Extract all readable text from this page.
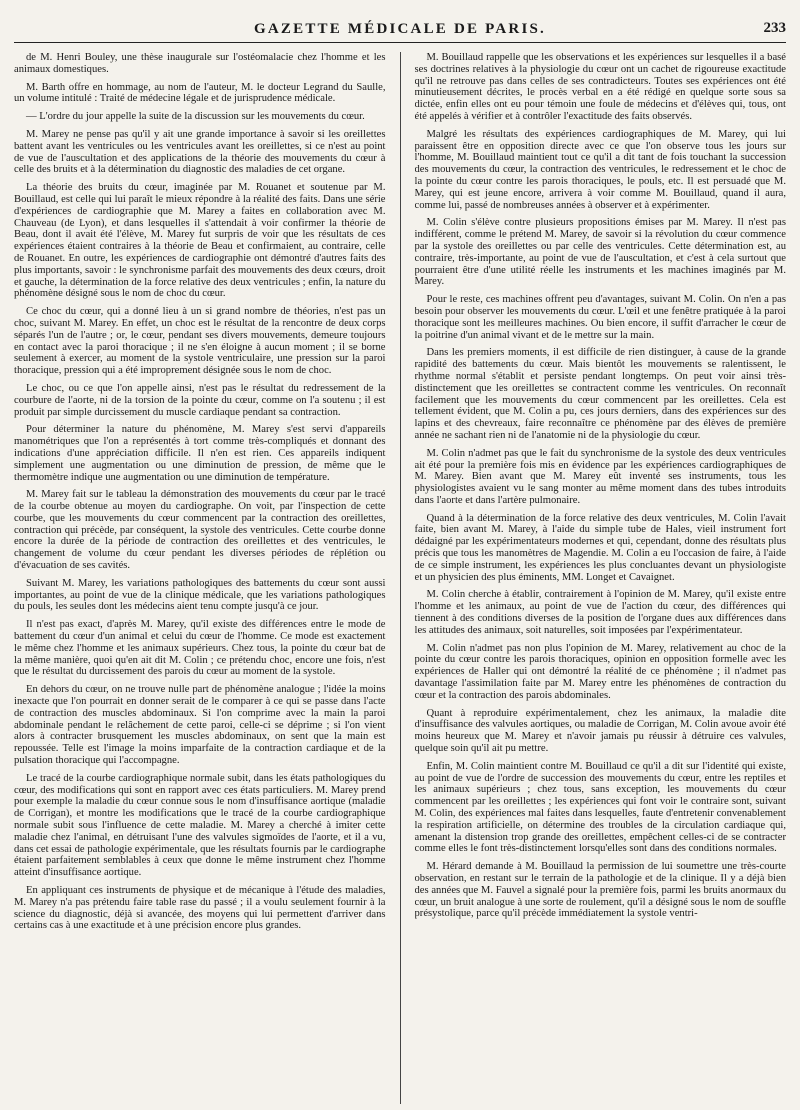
GAZETTE MÉDICALE DE PARIS.	233

de M. Henri Bouley, une thèse inaugurale sur l'ostéomalacie chez l'homme et les animaux domestiques.

M. Barth offre en hommage, au nom de l'auteur, M. le docteur Legrand du Saulle, un volume intitulé : Traité de médecine légale et de jurisprudence médicale.

— L'ordre du jour appelle la suite de la discussion sur les mouvements du cœur.

M. Marey ne pense pas qu'il y ait une grande importance à savoir si les oreillettes battent avant les ventricules ou les ventricules avant les oreillettes, si ce n'est au point de vue de l'auscultation et des applications de la théorie des mouvements du cœur à celle des bruits et à la détermination du diagnostic des maladies de cet organe.

La théorie des bruits du cœur, imaginée par M. Rouanet et soutenue par M. Bouillaud, est celle qui lui paraît le mieux répondre à la réalité des faits. Dans une série d'expériences de cardiographie que M. Marey a faites en collaboration avec M. Chauveau (de Lyon), et dans lesquelles il s'attendait à voir confirmer la théorie de Beau, dont il avait été l'élève, M. Marey fut surpris de voir que les résultats de ces expériences étaient contraires à la théorie de Beau et confirmaient, au contraire, celle de Rouanet. En outre, les expériences de cardiographie ont démontré d'autres faits des plus importants, savoir : le synchronisme parfait des mouvements des deux cœurs, droit et gauche, la détermination de la force relative des deux ventricules ; enfin, la nature du phénomène désigné sous le nom de choc du cœur.

Ce choc du cœur, qui a donné lieu à un si grand nombre de théories, n'est pas un choc, suivant M. Marey. En effet, un choc est le résultat de la rencontre de deux corps séparés l'un de l'autre ; or, le cœur, pendant ses divers mouvements, demeure toujours en contact avec la paroi thoracique ; il ne s'en éloigne à aucun moment ; il se borne seulement à exercer, au moment de la systole ventriculaire, une pression sur la paroi thoracique, pression qui a été improprement désignée sous le nom de choc.

Le choc, ou ce que l'on appelle ainsi, n'est pas le résultat du redressement de la courbure de l'aorte, ni de la torsion de la pointe du cœur, comme on l'a soutenu ; il est produit par simple durcissement du muscle cardiaque pendant sa contraction.

Pour déterminer la nature du phénomène, M. Marey s'est servi d'appareils manométriques que l'on a représentés à tort comme très-compliqués et donnant des indications d'une appréciation difficile. Il n'en est rien. Ces appareils indiquent simplement une augmentation ou une diminution de pression, de même que le thermomètre indique une augmentation ou une diminution de température.

M. Marey fait sur le tableau la démonstration des mouvements du cœur par le tracé de la courbe obtenue au moyen du cardiographe. On voit, par l'inspection de cette courbe, que les mouvements du cœur commencent par la contraction des oreillettes, contraction qui précède, par conséquent, la systole des ventricules. Cette courbe donne encore la durée de la période de contraction des oreillettes et des ventricules, le changement de volume du cœur pendant les diverses périodes de réplétion ou d'évacuation de ses cavités.

Suivant M. Marey, les variations pathologiques des battements du cœur sont aussi importantes, au point de vue de la clinique médicale, que les variations pathologiques du pouls, les seules dont les médecins aient tenu compte jusqu'à ce jour.

Il n'est pas exact, d'après M. Marey, qu'il existe des différences entre le mode de battement du cœur d'un animal et celui du cœur de l'homme. Ce mode est exactement le même chez l'homme et les animaux supérieurs. Chez tous, la pointe du cœur bat de la même manière, quoi qu'en ait dit M. Colin ; ce prétendu choc, encore une fois, n'est que le résultat du durcissement des parois du cœur au moment de la systole.

En dehors du cœur, on ne trouve nulle part de phénomène analogue ; l'idée la moins inexacte que l'on pourrait en donner serait de le comparer à ce qui se passe dans l'acte de contraction des muscles abdominaux. Si l'on comprime avec la main la paroi abdominale pendant le relâchement de cette paroi, celle-ci se déprime ; si l'on vient alors à contracter brusquement les muscles abdominaux, on sent que la main est repoussée. Telle est l'image la moins imparfaite de la contraction cardiaque et de la pulsation thoracique qui l'accompagne.

Le tracé de la courbe cardiographique normale subit, dans les états pathologiques du cœur, des modifications qui sont en rapport avec ces états particuliers. M. Marey prend pour exemple la maladie du cœur connue sous le nom d'insuffisance aortique (maladie de Corrigan), et montre les modifications que le tracé de la courbe cardiographique normale subit sous l'influence de cette maladie. M. Marey a cherché à imiter cette maladie chez l'animal, en détruisant l'une des valvules sigmoïdes de l'aorte, et il a vu, dans cet essai de pathologie expérimentale, que les résultats fournis par le cardiographe étaient parfaitement semblables à ceux que donne le même instrument chez l'homme atteint d'insuffisance aortique.

En appliquant ces instruments de physique et de mécanique à l'étude des maladies, M. Marey n'a pas prétendu faire table rase du passé ; il a voulu seulement fournir à la science du diagnostic, déjà si avancée, des moyens qui lui permettent d'arriver dans certains cas à une exactitude et à une précision encore plus grandes.

M. Bouillaud rappelle que les observations et les expériences sur lesquelles il a basé ses doctrines relatives à la physiologie du cœur ont un cachet de rigoureuse exactitude qu'il ne retrouve pas dans celles de ses contradicteurs. Toutes ses expériences ont été minutieusement décrites, le procès verbal en a été rédigé en quelque sorte sous sa dictée, enfin elles ont eu pour témoin une foule de médecins et d'élèves qui, tous, ont été appelés à vérifier et à contrôler l'exactitude des faits observés.

Malgré les résultats des expériences cardiographiques de M. Marey, qui lui paraissent être en opposition directe avec ce que l'on observe tous les jours sur l'homme, M. Bouillaud maintient tout ce qu'il a dit tant de fois touchant la succession des mouvements du cœur, la contraction des ventricules, le redressement et le choc de la pointe du cœur contre les parois thoraciques, le pouls, etc. Il est persuadé que M. Marey, qui est jeune encore, arrivera à voir comme M. Bouillaud, quand il aura, comme lui, passé de nombreuses années à observer et à expérimenter.

M. Colin s'élève contre plusieurs propositions émises par M. Marey. Il n'est pas indifférent, comme le prétend M. Marey, de savoir si la révolution du cœur commence par la systole des oreillettes ou par celle des ventricules. Cette détermination est, au contraire, très-importante, au point de vue de l'auscultation, et c'est à cela surtout que pourraient être d'une utilité réelle les instruments et les machines imaginés par M. Marey.

Pour le reste, ces machines offrent peu d'avantages, suivant M. Colin. On n'en a pas besoin pour observer les mouvements du cœur. L'œil et une fenêtre pratiquée à la paroi thoracique sont les meilleures machines. Ou bien encore, il suffit d'arracher le cœur de la poitrine d'un animal vivant et de le mettre sur la main.

Dans les premiers moments, il est difficile de rien distinguer, à cause de la grande rapidité des battements du cœur. Mais bientôt les mouvements se ralentissent, le rhythme normal s'établit et persiste pendant longtemps. On peut voir ainsi très-distinctement que les oreillettes se contractent comme les ventricules. On reconnaît facilement que les mouvements du cœur commencent par les oreillettes. Cela est tellement évident, que M. Colin a pu, ces jours derniers, dans des expériences sur des lapins et des chevreaux, faire reconnaître ce phénomène par des élèves de première année ne sachant rien ni de l'anatomie ni de la physiologie du cœur.

M. Colin n'admet pas que le fait du synchronisme de la systole des deux ventricules ait été pour la première fois mis en évidence par les expériences cardiographiques de M. Marey. Bien avant que M. Marey eût inventé ses instruments, tous les physiologistes avaient vu le sang monter au même moment dans des tubes introduits dans l'aorte et dans l'artère pulmonaire.

Quand à la détermination de la force relative des deux ventricules, M. Colin l'avait faite, bien avant M. Marey, à l'aide du simple tube de Hales, vieil instrument fort dédaigné par les expérimentateurs modernes et qui, cependant, donne des résultats plus précis que tous les manomètres de Magendie. M. Colin a eu l'occasion de faire, à l'aide de ce simple instrument, les expériences les plus concluantes devant un physiologiste et un physicien des plus éminents, MM. Longet et Cavaignet.

M. Colin cherche à établir, contrairement à l'opinion de M. Marey, qu'il existe entre l'homme et les animaux, au point de vue de l'action du cœur, des différences qui tiennent à des conditions diverses de la position de l'organe dues aux différences dans les attitudes des animaux, soit naturelles, soit imposées par l'expérimentateur.

M. Colin n'admet pas non plus l'opinion de M. Marey, relativement au choc de la pointe du cœur contre les parois thoraciques, opinion en opposition formelle avec les expériences de Haller qui ont démontré la réalité de ce phénomène ; il n'admet pas davantage l'assimilation faite par M. Marey entre les phénomènes de contraction du cœur et la contraction des parois abdominales.

Quant à reproduire expérimentalement, chez les animaux, la maladie dite d'insuffisance des valvules aortiques, ou maladie de Corrigan, M. Colin avoue avoir été moins heureux que M. Marey et n'avoir jamais pu réussir à détruire ces valvules, quelque soin qu'il ait pu mettre.

Enfin, M. Colin maintient contre M. Bouillaud ce qu'il a dit sur l'identité qui existe, au point de vue de l'ordre de succession des mouvements du cœur, entre les reptiles et les animaux supérieurs ; chez tous, sans exception, les mouvements du cœur commencent par les oreillettes ; les expériences qui font voir le contraire sont, suivant M. Colin, des expériences mal faites dans lesquelles, faute d'entretenir convenablement la respiration artificielle, on détermine des troubles de la circulation cardiaque qui, amenant la distension trop grande des oreillettes, empêchent celles-ci de se contracter comme elles le font très-distinctement lorsqu'elles sont dans des conditions normales.

M. Hérard demande à M. Bouillaud la permission de lui soumettre une très-courte observation, en restant sur le terrain de la pathologie et de la clinique. Il y a déjà bien des années que M. Fauvel a signalé pour la première fois, parmi les bruits anormaux du cœur, un bruit analogue à une sorte de roulement, qu'il a désigné sous le nom de souffle présystolique, parce qu'il précède immédiatement la systole ventri-
